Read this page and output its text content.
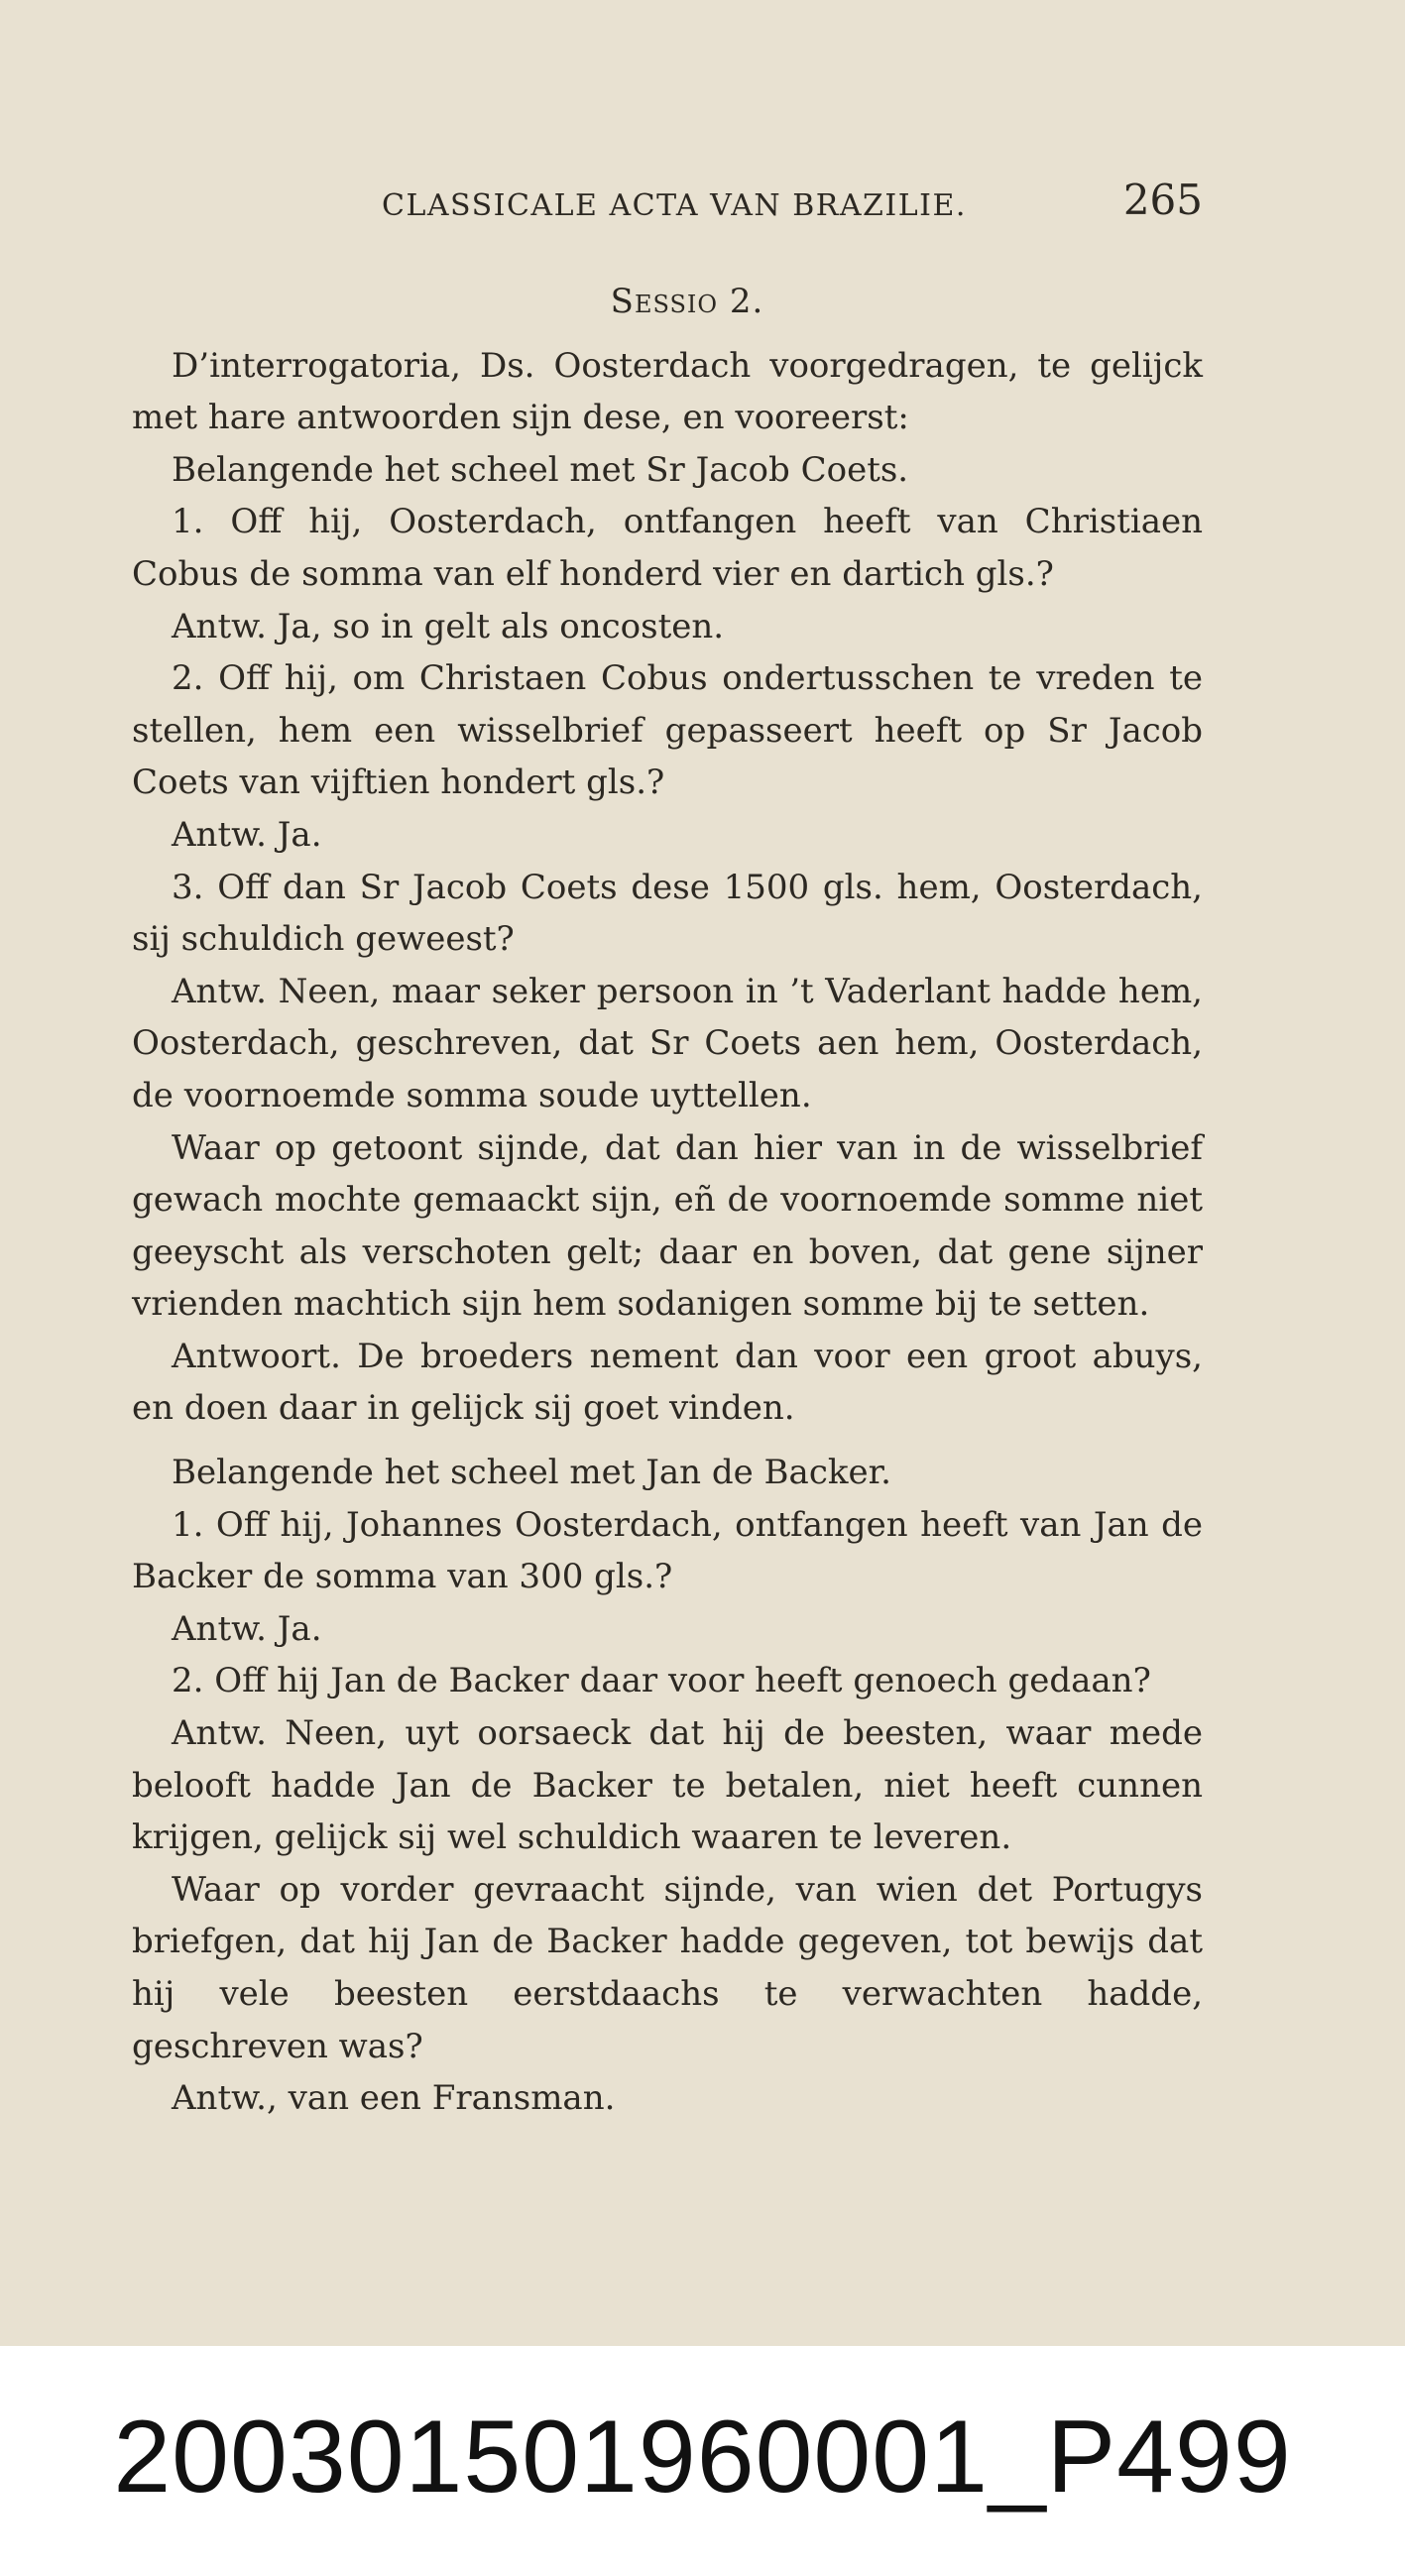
CLASSICALE ACTA VAN BRAZILIE.	265

Sessio 2.

D’interrogatoria, Ds. Oosterdach voorgedragen, te gelijck met hare antwoorden sijn dese, en vooreerst:

Belangende het scheel met Sr Jacob Coets.

1. Off hij, Oosterdach, ontfangen heeft van Christiaen Cobus de somma van elf honderd vier en dartich gls.?

Antw. Ja, so in gelt als oncosten.

2. Off hij, om Christaen Cobus ondertusschen te vreden te stellen, hem een wisselbrief gepasseert heeft op Sr Jacob Coets van vijftien hondert gls.?

Antw. Ja.

3. Off dan Sr Jacob Coets dese 1500 gls. hem, Oosterdach, sij schuldich geweest?

Antw. Neen, maar seker persoon in ’t Vaderlant hadde hem, Oosterdach, geschreven, dat Sr Coets aen hem, Oosterdach, de voornoemde somma soude uyttellen.

Waar op getoont sijnde, dat dan hier van in de wisselbrief gewach mochte gemaackt sijn, eñ de voornoemde somme niet geeyscht als verschoten gelt; daar en boven, dat gene sijner vrienden machtich sijn hem sodanigen somme bij te setten.

Antwoort. De broeders nement dan voor een groot abuys, en doen daar in gelijck sij goet vinden.

Belangende het scheel met Jan de Backer.

1. Off hij, Johannes Oosterdach, ontfangen heeft van Jan de Backer de somma van 300 gls.?

Antw. Ja.

2. Off hij Jan de Backer daar voor heeft genoech gedaan?

Antw. Neen, uyt oorsaeck dat hij de beesten, waar mede belooft hadde Jan de Backer te betalen, niet heeft cunnen krijgen, gelijck sij wel schuldich waaren te leveren.

Waar op vorder gevraacht sijnde, van wien det Portugys briefgen, dat hij Jan de Backer hadde gegeven, tot bewijs dat hij vele beesten eerstdaachs te verwachten hadde, geschreven was?

Antw., van een Fransman.

20030150196000​1_P499
